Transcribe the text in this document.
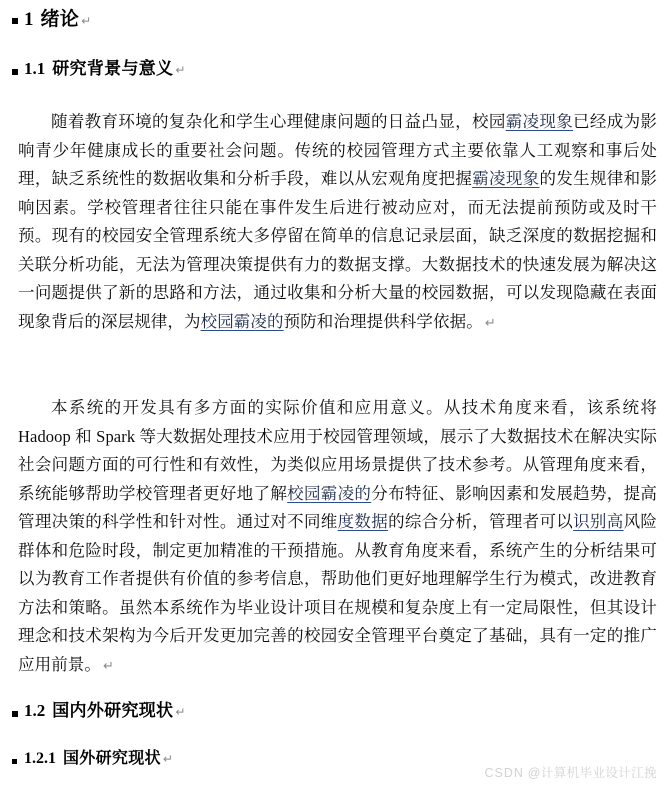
1 绪论 ↵
1.1 研究背景与意义 ↵

随着教育环境的复杂化和学生心理健康问题的日益凸显，校园霸凌现象已经成为影响青少年健康成长的重要社会问题。传统的校园管理方式主要依靠人工观察和事后处理，缺乏系统性的数据收集和分析手段，难以从宏观角度把握霸凌现象的发生规律和影响因素。学校管理者往往只能在事件发生后进行被动应对，而无法提前预防或及时干预。现有的校园安全管理系统大多停留在简单的信息记录层面，缺乏深度的数据挖掘和关联分析功能，无法为管理决策提供有力的数据支撑。大数据技术的快速发展为解决这一问题提供了新的思路和方法，通过收集和分析大量的校园数据，可以发现隐藏在表面现象背后的深层规律，为校园霸凌的预防和治理提供科学依据。 ↵

本系统的开发具有多方面的实际价值和应用意义。从技术角度来看，该系统将 Hadoop 和 Spark 等大数据处理技术应用于校园管理领域，展示了大数据技术在解决实际社会问题方面的可行性和有效性，为类似应用场景提供了技术参考。从管理角度来看，系统能够帮助学校管理者更好地了解校园霸凌的分布特征、影响因素和发展趋势，提高管理决策的科学性和针对性。通过对不同维度数据的综合分析，管理者可以识别高风险群体和危险时段，制定更加精准的干预措施。从教育角度来看，系统产生的分析结果可以为教育工作者提供有价值的参考信息，帮助他们更好地理解学生行为模式，改进教育方法和策略。虽然本系统作为毕业设计项目在规模和复杂度上有一定局限性，但其设计理念和技术架构为今后开发更加完善的校园安全管理平台奠定了基础，具有一定的推广应用前景。 ↵

1.2 国内外研究现状 ↵
1.2.1 国外研究现状 ↵
CSDN @计算机毕业设计江挽
